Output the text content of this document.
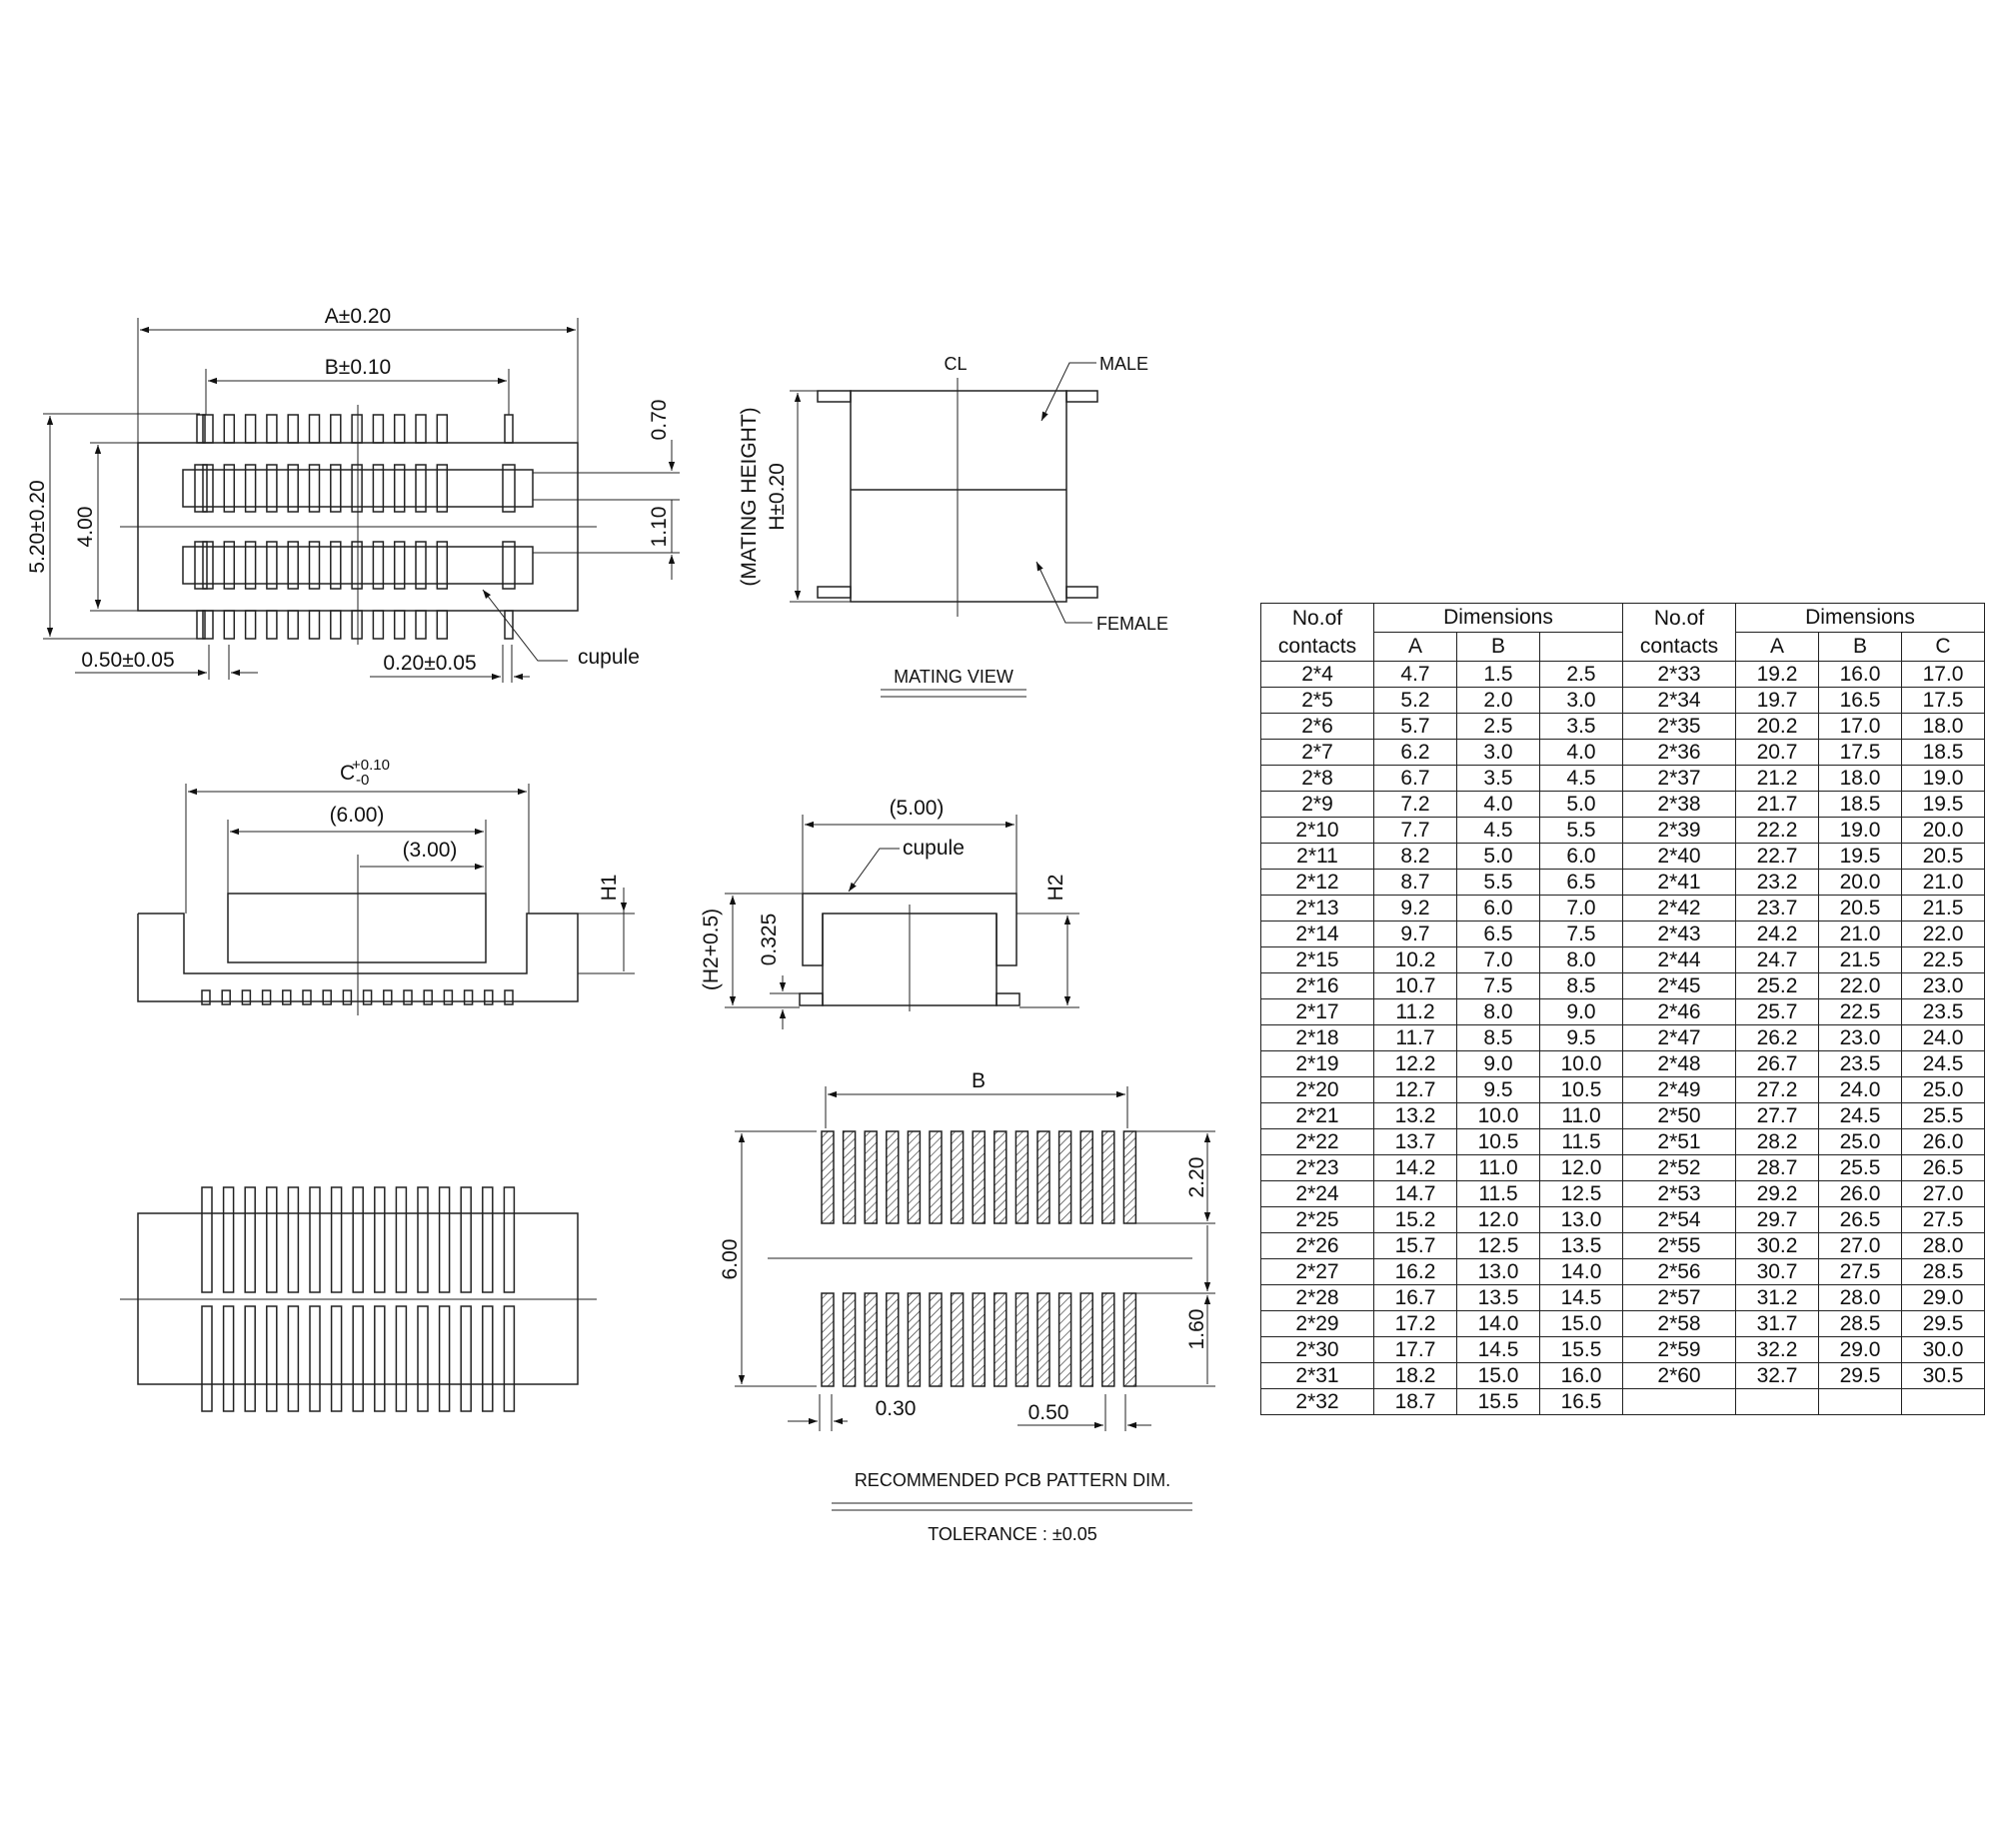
A±0.20
B±0.10
5.20±0.20 4.00
0.70
1.10
0.50±0.05	0.20±0.05	cupule
CL	MALE
FEMALE
(MATING HEIGHT) H±0.20
MATING VIEW
C
+0.10
-0
(6.00)
(3.00)
H1
(5.00)
cupule
H2
(H2+0.5) 0.325
B
6.00
2.20
1.60
0.30	0.50
RECOMMENDED PCB PATTERN DIM.
TOLERANCE : ±0.05
No.of contacts	Dimensions			No.of contacts	Dimensions		
	A	B			A	B	C
2*4	4.7	1.5	2.5	2*33	19.2	16.0	17.0
2*5	5.2	2.0	3.0	2*34	19.7	16.5	17.5
2*6	5.7	2.5	3.5	2*35	20.2	17.0	18.0
2*7	6.2	3.0	4.0	2*36	20.7	17.5	18.5
2*8	6.7	3.5	4.5	2*37	21.2	18.0	19.0
2*9	7.2	4.0	5.0	2*38	21.7	18.5	19.5
2*10	7.7	4.5	5.5	2*39	22.2	19.0	20.0
2*11	8.2	5.0	6.0	2*40	22.7	19.5	20.5
2*12	8.7	5.5	6.5	2*41	23.2	20.0	21.0
2*13	9.2	6.0	7.0	2*42	23.7	20.5	21.5
2*14	9.7	6.5	7.5	2*43	24.2	21.0	22.0
2*15	10.2	7.0	8.0	2*44	24.7	21.5	22.5
2*16	10.7	7.5	8.5	2*45	25.2	22.0	23.0
2*17	11.2	8.0	9.0	2*46	25.7	22.5	23.5
2*18	11.7	8.5	9.5	2*47	26.2	23.0	24.0
2*19	12.2	9.0	10.0	2*48	26.7	23.5	24.5
2*20	12.7	9.5	10.5	2*49	27.2	24.0	25.0
2*21	13.2	10.0	11.0	2*50	27.7	24.5	25.5
2*22	13.7	10.5	11.5	2*51	28.2	25.0	26.0
2*23	14.2	11.0	12.0	2*52	28.7	25.5	26.5
2*24	14.7	11.5	12.5	2*53	29.2	26.0	27.0
2*25	15.2	12.0	13.0	2*54	29.7	26.5	27.5
2*26	15.7	12.5	13.5	2*55	30.2	27.0	28.0
2*27	16.2	13.0	14.0	2*56	30.7	27.5	28.5
2*28	16.7	13.5	14.5	2*57	31.2	28.0	29.0
2*29	17.2	14.0	15.0	2*58	31.7	28.5	29.5
2*30	17.7	14.5	15.5	2*59	32.2	29.0	30.0
2*31	18.2	15.0	16.0	2*60	32.7	29.5	30.5
2*32	18.7	15.5	16.5				
